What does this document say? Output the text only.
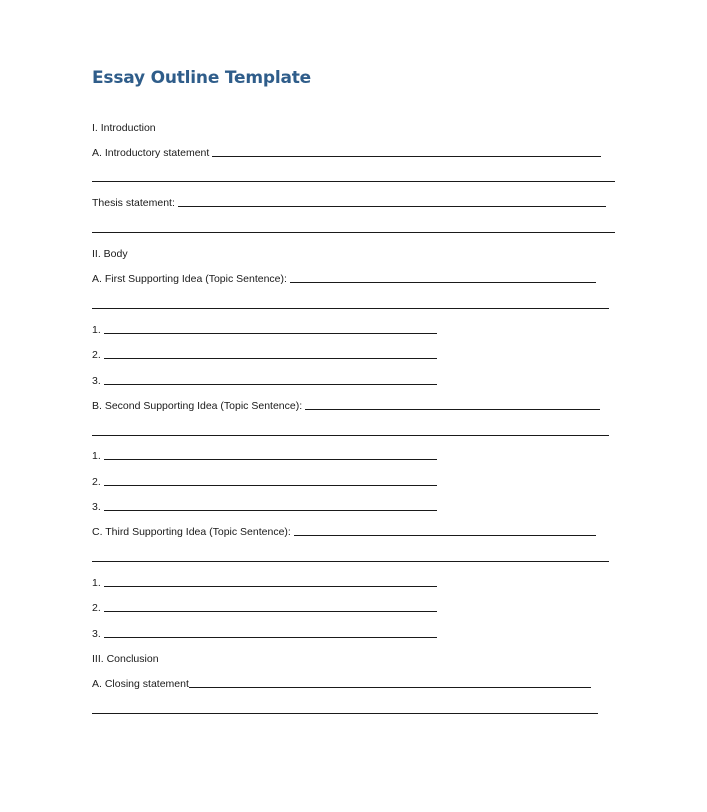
Essay Outline Template
I. Introduction
A. Introductory statement
Thesis statement:
II. Body
A. First Supporting Idea (Topic Sentence):
1.
2.
3.
B. Second Supporting Idea (Topic Sentence):
1.
2.
3.
C. Third Supporting Idea (Topic Sentence):
1.
2.
3.
III. Conclusion
A. Closing statement
